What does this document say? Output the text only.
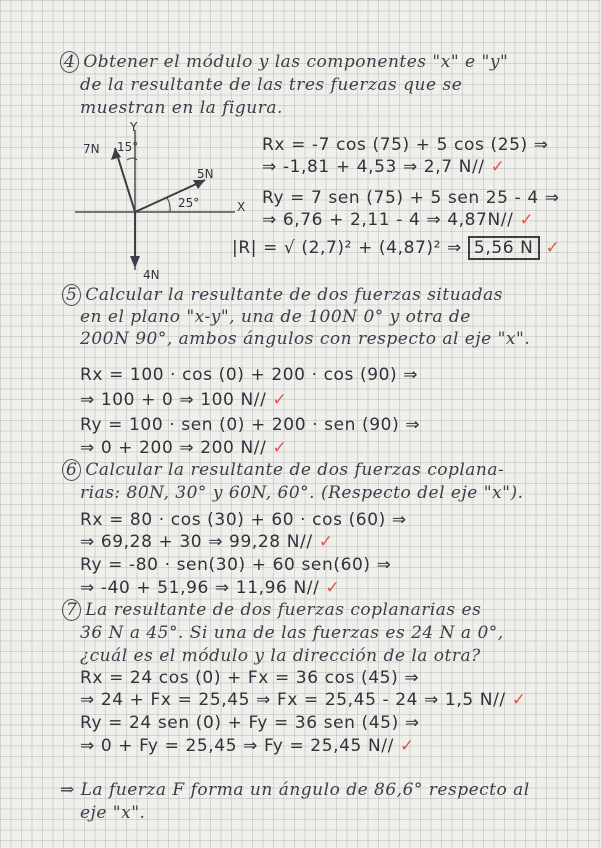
4 Obtener el módulo y las componentes "x" e "y"
de la resultante de las tres fuerzas que se
muestran en la figura.
Y
X
7N 15°
5N
25°
4N
Rx = -7 cos (75) + 5 cos (25) ⇒
⇒ -1,81 + 4,53 ⇒ 2,7 N// ✓
Ry = 7 sen (75) + 5 sen 25 - 4 ⇒
⇒ 6,76 + 2,11 - 4 ⇒ 4,87N// ✓
|R| = √ (2,7)² + (4,87)² ⇒ 5,56 N ✓
5 Calcular la resultante de dos fuerzas situadas
en el plano "x-y", una de 100N 0° y otra de
200N 90°, ambos ángulos con respecto al eje "x".
Rx = 100 · cos (0) + 200 · cos (90) ⇒
⇒ 100 + 0 ⇒ 100 N// ✓
Ry = 100 · sen (0) + 200 · sen (90) ⇒
⇒ 0 + 200 ⇒ 200 N// ✓
6 Calcular la resultante de dos fuerzas coplana-
rias: 80N, 30° y 60N, 60°. (Respecto del eje "x").
Rx = 80 · cos (30) + 60 · cos (60) ⇒
⇒ 69,28 + 30 ⇒ 99,28 N// ✓
Ry = -80 · sen(30) + 60 sen(60) ⇒
⇒ -40 + 51,96 ⇒ 11,96 N// ✓
7 La resultante de dos fuerzas coplanarias es
36 N a 45°. Si una de las fuerzas es 24 N a 0°,
¿cuál es el módulo y la dirección de la otra?
Rx = 24 cos (0) + Fx = 36 cos (45) ⇒
⇒ 24 + Fx = 25,45 ⇒ Fx = 25,45 - 24 ⇒ 1,5 N// ✓
Ry = 24 sen (0) + Fy = 36 sen (45) ⇒
⇒ 0 + Fy = 25,45 ⇒ Fy = 25,45 N// ✓
⇒ La fuerza F forma un ángulo de 86,6° respecto al
eje "x".
